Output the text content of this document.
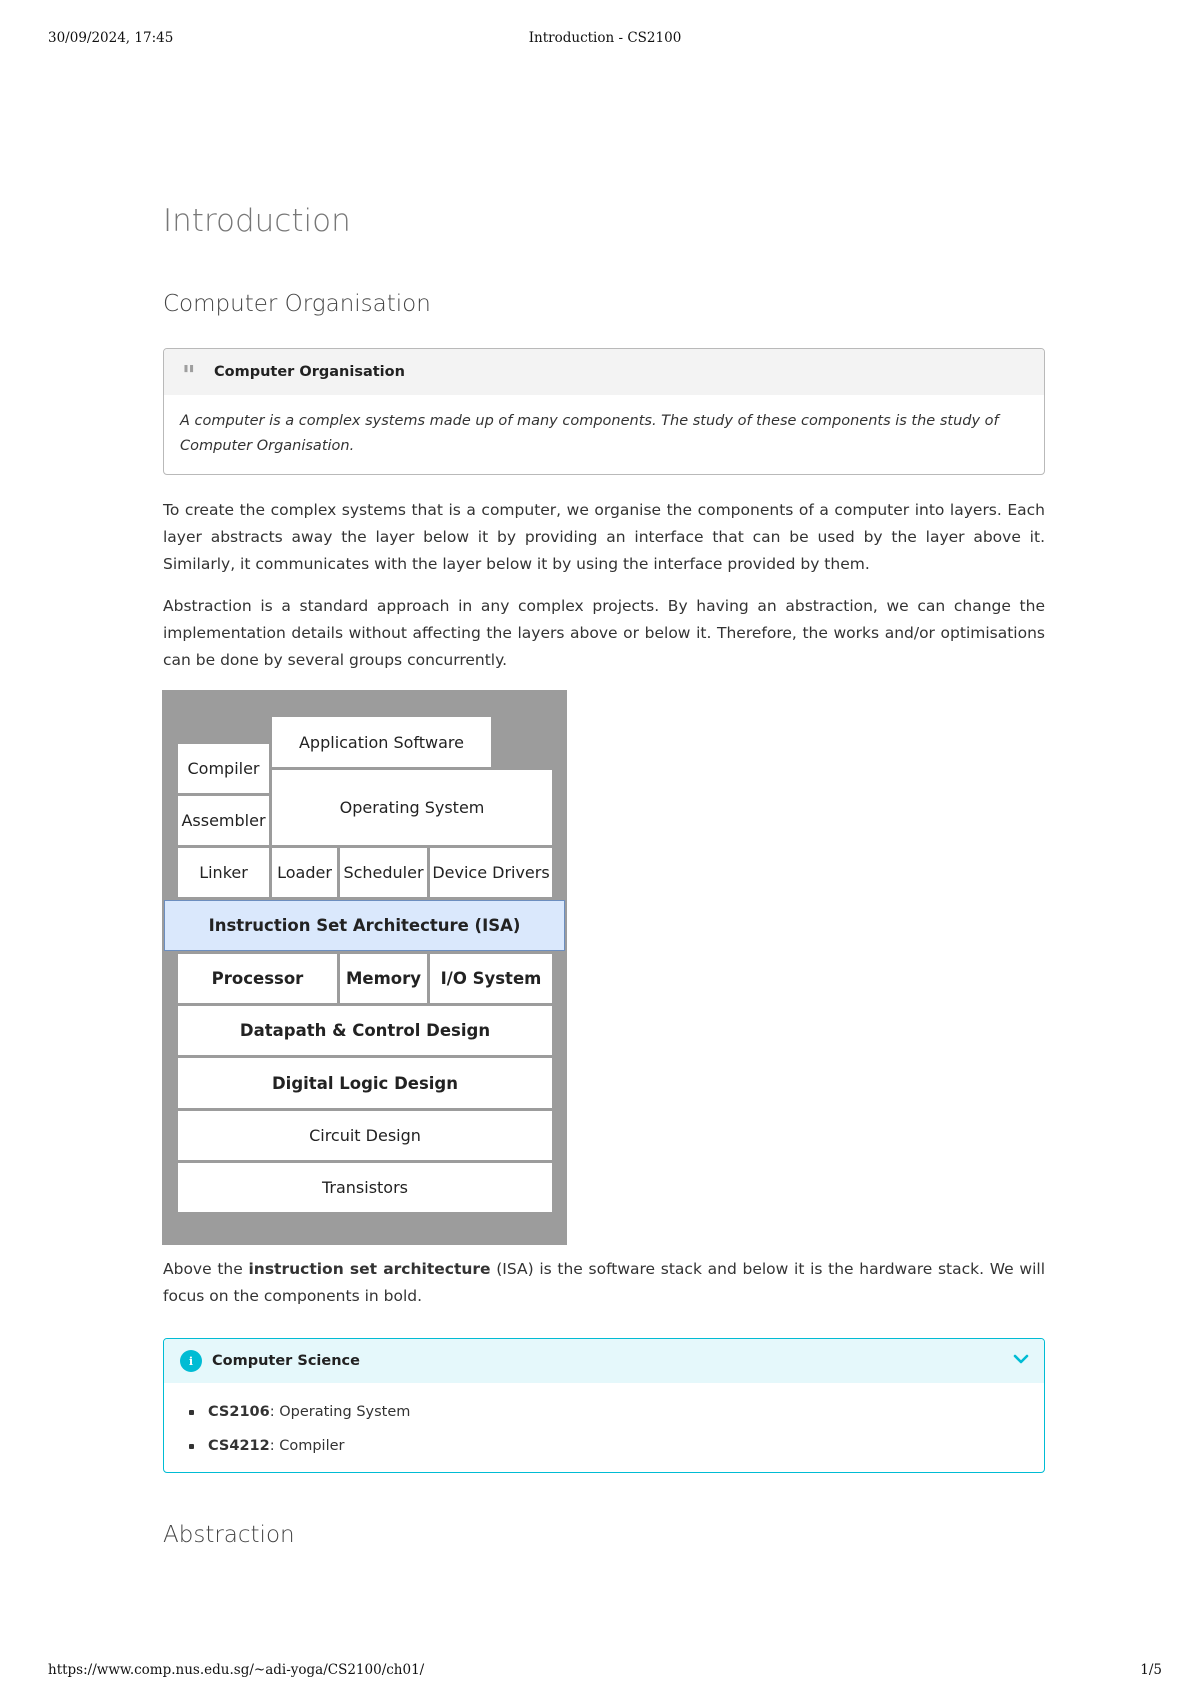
30/09/2024, 17:45	Introduction - CS2100
Introduction
Computer Organisation
"	Computer Organisation
A computer is a complex systems made up of many components. The study of these components is the study of Computer Organisation.

To create the complex systems that is a computer, we organise the components of a computer into layers. Each layer abstracts away the layer below it by providing an interface that can be used by the layer above it. Similarly, it communicates with the layer below it by using the interface provided by them.

Abstraction is a standard approach in any complex projects. By having an abstraction, we can change the implementation details without affecting the layers above or below it. Therefore, the works and/or optimisations can be done by several groups concurrently.

Application Software
Compiler
Operating System
Assembler
Linker	Loader Scheduler Device Drivers
Instruction Set Architecture (ISA)
Processor	Memory	I/O System
Datapath & Control Design
Digital Logic Design
Circuit Design
Transistors

Above the instruction set architecture (ISA) is the software stack and below it is the hardware stack. We will focus on the components in bold.

i	Computer Science
CS2106: Operating System
CS4212: Compiler
Abstraction
https://www.comp.nus.edu.sg/~adi-yoga/CS2100/ch01/	1/5
